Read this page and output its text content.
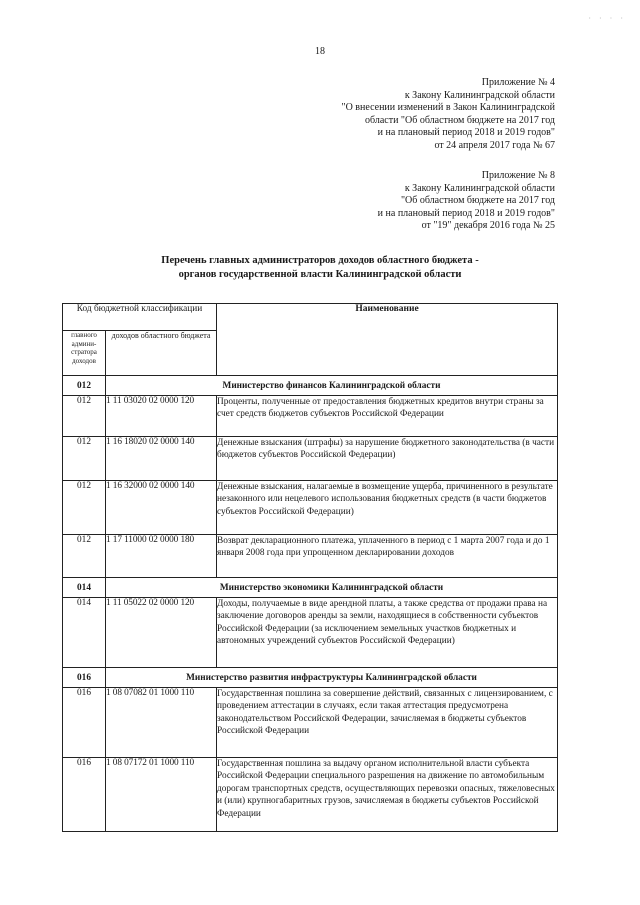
· · · ·
18
Приложение № 4
к Закону Калининградской области
"О внесении изменений в Закон Калининградской
области "Об областном бюджете на 2017 год
и на плановый период 2018 и 2019 годов"
от 24 апреля 2017 года № 67
Приложение № 8
к Закону Калининградской области
"Об областном бюджете на 2017 год
и на плановый период 2018 и 2019 годов"
от "19" декабря 2016 года № 25
Перечень главных администраторов доходов областного бюджета -
органов государственной власти Калининградской области
Код бюджетной классификации		Наименование
главного админи-стратора доходов	доходов областного бюджета	
012	Министерство финансов Калининградской области	
012	1 11 03020 02 0000 120	Проценты, полученные от предоставления бюджетных кредитов внутри страны за счет средств бюджетов субъектов Российской Федерации
012	1 16 18020 02 0000 140	Денежные взыскания (штрафы) за нарушение бюджетного законодательства (в части бюджетов субъектов Российской Федерации)
012	1 16 32000 02 0000 140	Денежные взыскания, налагаемые в возмещение ущерба, причиненного в результате незаконного или нецелевого использования бюджетных средств (в части бюджетов субъектов Российской Федерации)
012	1 17 11000 02 0000 180	Возврат декларационного платежа, уплаченного в период с 1 марта 2007 года и до 1 января 2008 года при упрощенном декларировании доходов
014	Министерство экономики Калининградской области	
014	1 11 05022 02 0000 120	Доходы, получаемые в виде арендной платы, а также средства от продажи права на заключение договоров аренды за земли, находящиеся в собственности субъектов Российской Федерации (за исключением земельных участков бюджетных и автономных учреждений субъектов Российской Федерации)
016	Министерство развития инфраструктуры Калининградской области	
016	1 08 07082 01 1000 110	Государственная пошлина за совершение действий, связанных с лицензированием, с проведением аттестации в случаях, если такая аттестация предусмотрена законодательством Российской Федерации, зачисляемая в бюджеты субъектов Российской Федерации
016	1 08 07172 01 1000 110	Государственная пошлина за выдачу органом исполнительной власти субъекта Российской Федерации специального разрешения на движение по автомобильным дорогам транспортных средств, осуществляющих перевозки опасных, тяжеловесных и (или) крупногабаритных грузов, зачисляемая в бюджеты субъектов Российской Федерации
